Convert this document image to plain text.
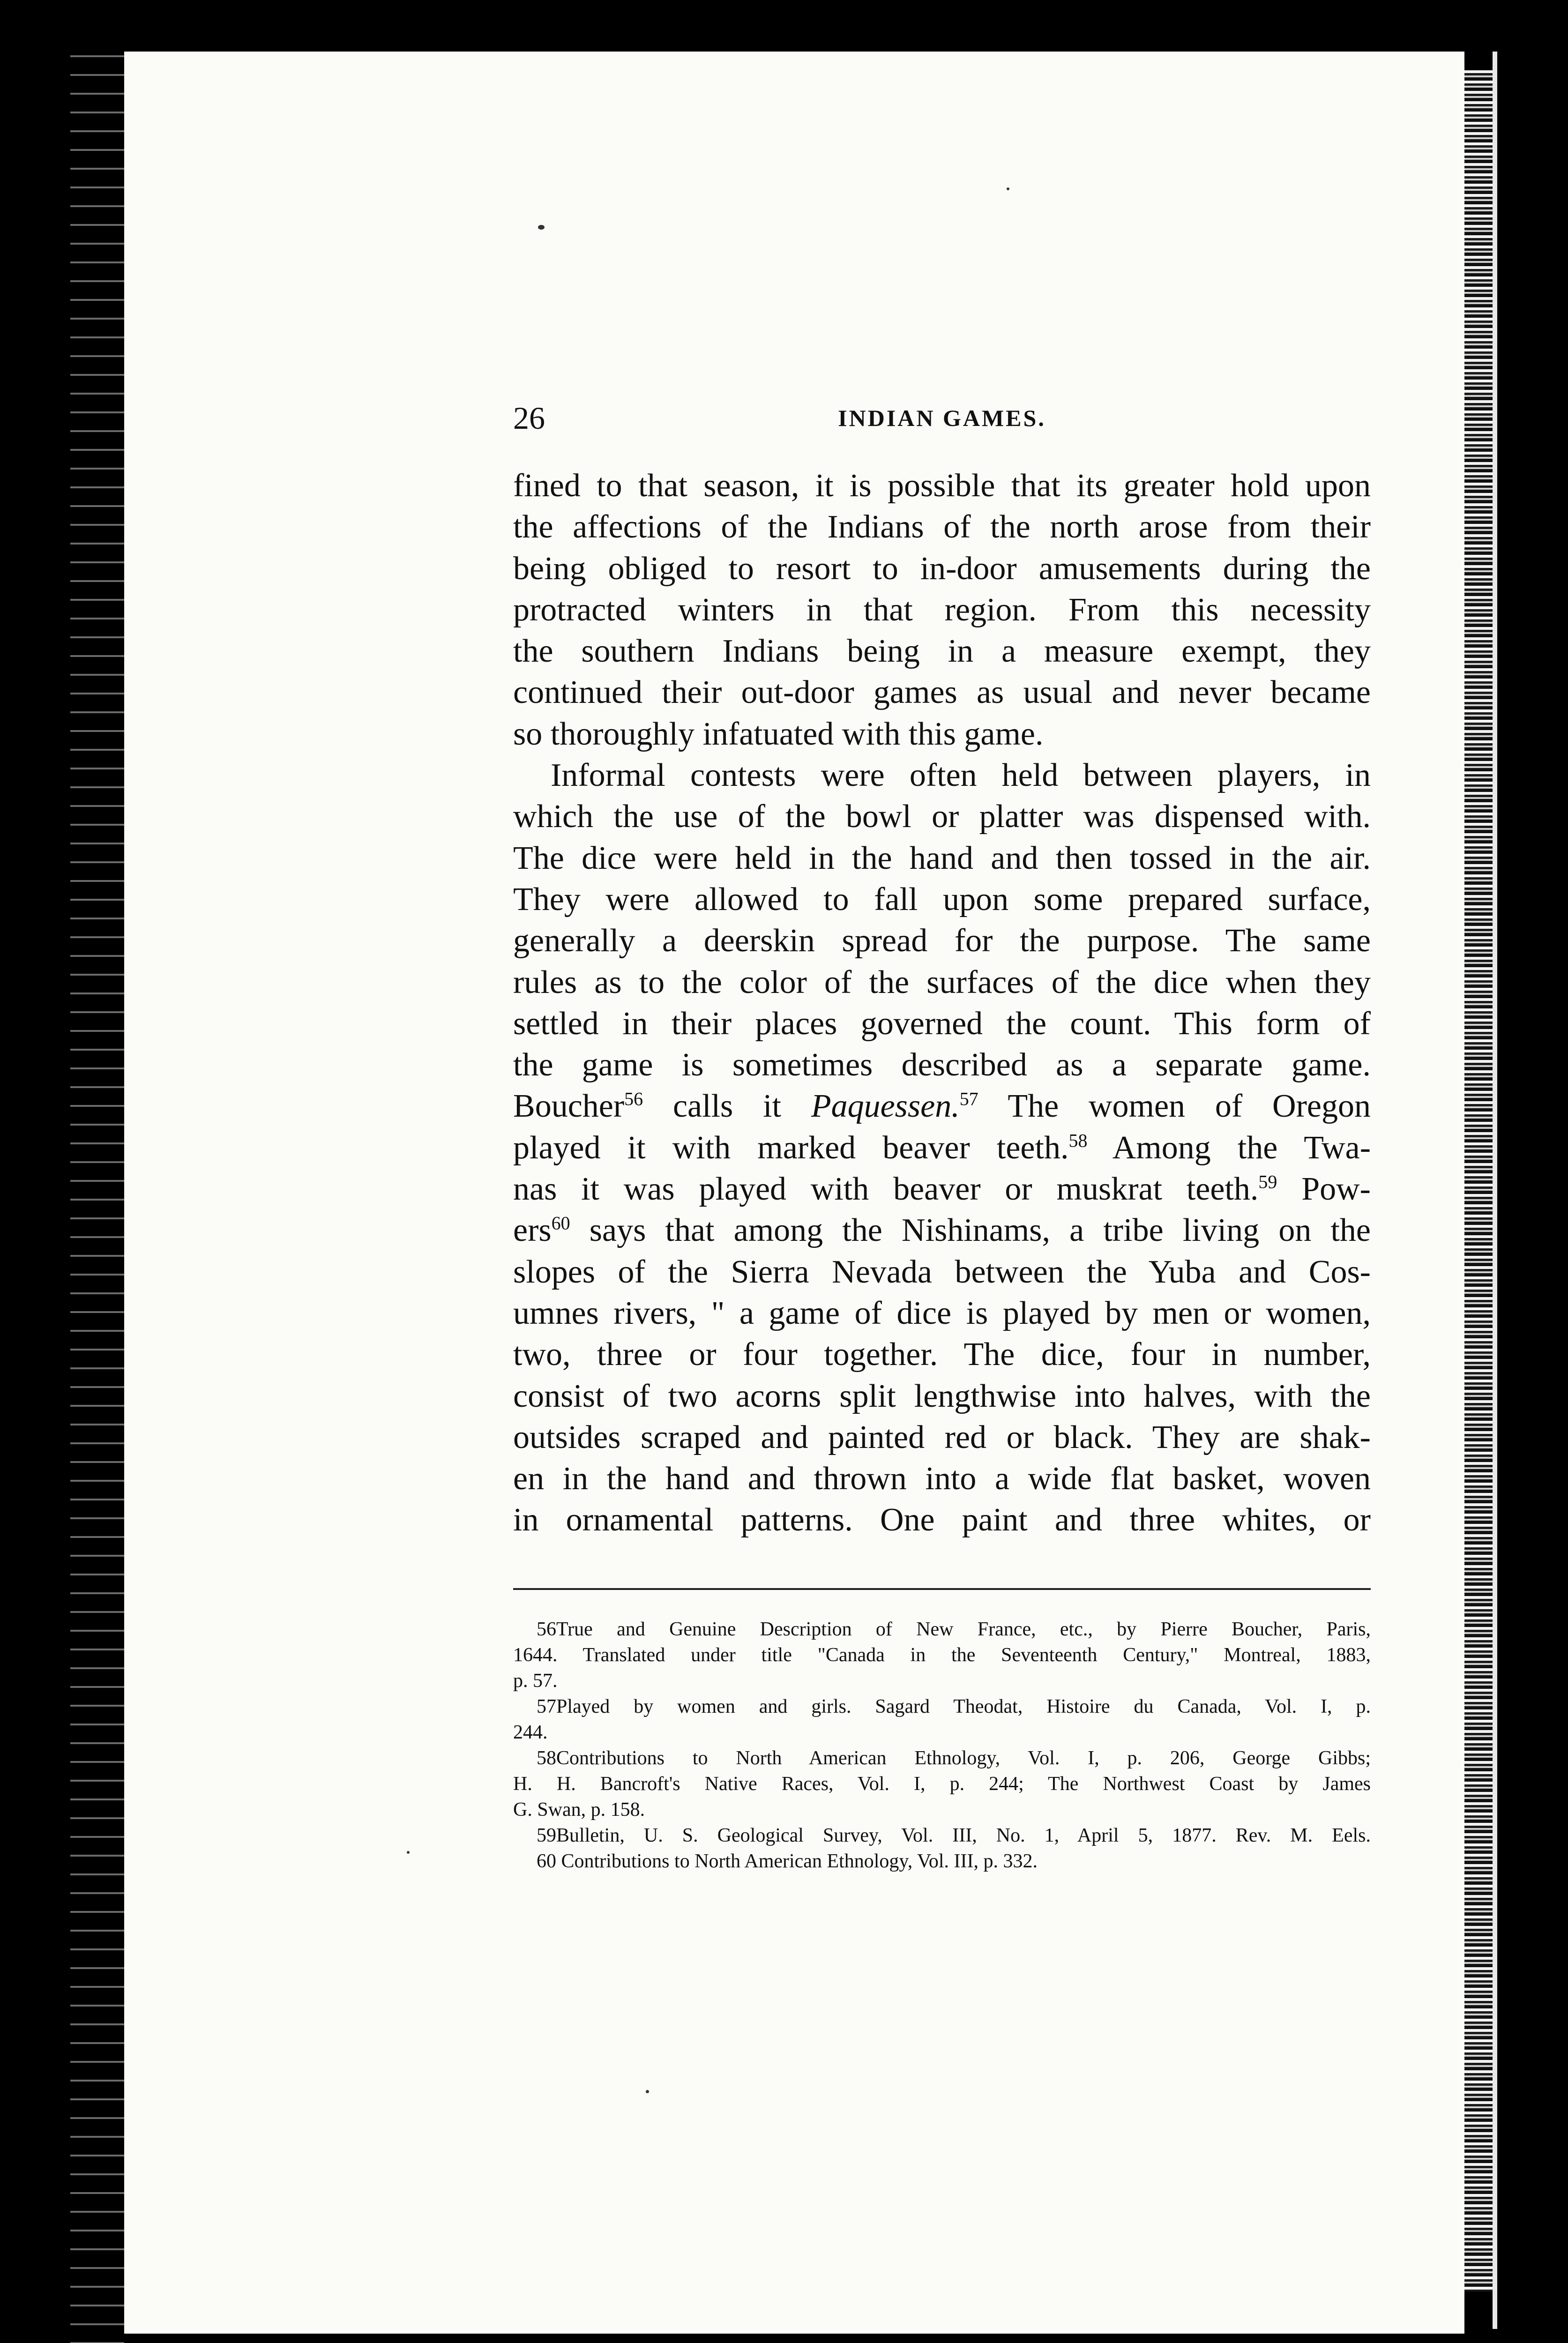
26	INDIAN GAMES.

fined to that season, it is possible that its greater hold upon
the affections of the Indians of the north arose from their
being obliged to resort to in-door amusements during the
protracted winters in that region. From this necessity
the southern Indians being in a measure exempt, they
continued their out-door games as usual and never became
so thoroughly infatuated with this game.

Informal contests were often held between players, in
which the use of the bowl or platter was dispensed with.
The dice were held in the hand and then tossed in the air.
They were allowed to fall upon some prepared surface,
generally a deerskin spread for the purpose. The same
rules as to the color of the surfaces of the dice when they
settled in their places governed the count. This form of
the game is sometimes described as a separate game.
Boucher$^{56}$ calls it Paquessen.$^{57}$ The women of Oregon
played it with marked beaver teeth.$^{58}$ Among the Twa-
nas it was played with beaver or muskrat teeth.$^{59}$ Pow-
ers$^{60}$ says that among the Nishinams, a tribe living on the
slopes of the Sierra Nevada between the Yuba and Cos-
umnes rivers, " a game of dice is played by men or women,
two, three or four together. The dice, four in number,
consist of two acorns split lengthwise into halves, with the
outsides scraped and painted red or black. They are shak-
en in the hand and thrown into a wide flat basket, woven
in ornamental patterns. One paint and three whites, or

56True and Genuine Description of New France, etc., by Pierre Boucher, Paris,
1644. Translated under title "Canada in the Seventeenth Century," Montreal, 1883,
p. 57.

57Played by women and girls. Sagard Theodat, Histoire du Canada, Vol. I, p.
244.

58Contributions to North American Ethnology, Vol. I, p. 206, George Gibbs;
H. H. Bancroft's Native Races, Vol. I, p. 244; The Northwest Coast by James
G. Swan, p. 158.

59Bulletin, U. S. Geological Survey, Vol. III, No. 1, April 5, 1877. Rev. M. Eels.

60 Contributions to North American Ethnology, Vol. III, p. 332.
